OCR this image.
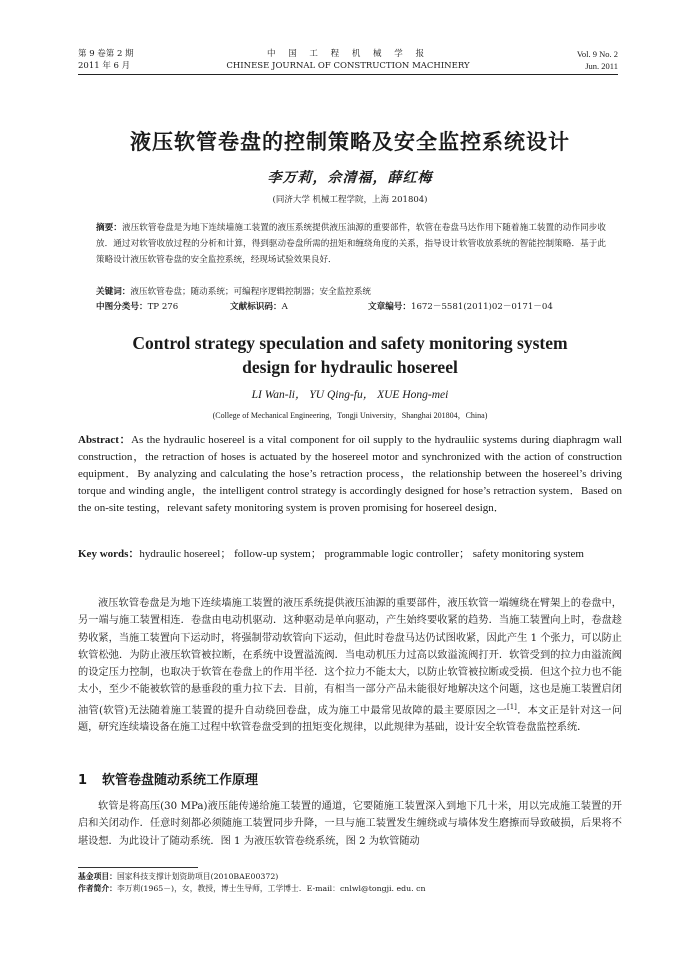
第 9 卷第 2 期
2011 年 6 月
中 国 工 程 机 械 学 报
CHINESE JOURNAL OF CONSTRUCTION MACHINERY
Vol. 9 No. 2
Jun. 2011
液压软管卷盘的控制策略及安全监控系统设计
李万莉，佘清福，薛红梅
(同济大学 机械工程学院，上海 201804)
摘要：液压软管卷盘是为地下连续墙施工装置的液压系统提供液压油源的重要部件，软管在卷盘马达作用下随着施工装置的动作同步收放．通过对软管收放过程的分析和计算，得到驱动卷盘所需的扭矩和缠绕角度的关系，指导设计软管收放系统的智能控制策略．基于此策略设计液压软管卷盘的安全监控系统，经现场试验效果良好．
关键词：液压软管卷盘；随动系统；可编程序逻辑控制器；安全监控系统
中图分类号：TP 276	文献标识码：A	文章编号：1672－5581(2011)02－0171－04
Control strategy speculation and safety monitoring system
design for hydraulic hosereel
LI Wan-li， YU Qing-fu， XUE Hong-mei
(College of Mechanical Engineering，Tongji University，Shanghai 201804，China)
Abstract：As the hydraulic hosereel is a vital component for oil supply to the hydrauliic systems during diaphragm wall construction，the retraction of hoses is actuated by the hosereel motor and synchronized with the action of construction equipment．By analyzing and calculating the hose’s retraction process，the relationship between the hosereel’s driving torque and winding angle，the intelligent control strategy is accordingly designed for hose’s retraction system．Based on the on-site testing，relevant safety monitoring system is proven promising for hosereel design．
Key words：hydraulic hosereel； follow-up system； programmable logic controller； safety monitoring system
液压软管卷盘是为地下连续墙施工装置的液压系统提供液压油源的重要部件，液压软管一端缠绕在臂架上的卷盘中，另一端与施工装置相连．卷盘由电动机驱动．这种驱动是单向驱动，产生始终要收紧的趋势．当施工装置向上时，卷盘趁势收紧，当施工装置向下运动时，将强制带动软管向下运动，但此时卷盘马达仍试图收紧，因此产生 1 个张力，可以防止软管松弛．为防止液压软管被拉断，在系统中设置溢流阀．当电动机压力过高以致溢流阀打开．软管受到的拉力由溢流阀的设定压力控制，也取决于软管在卷盘上的作用半径．这个拉力不能太大，以防止软管被拉断或受损．但这个拉力也不能太小，至少不能被软管的悬垂段的重力拉下去．目前，有相当一部分产品未能很好地解决这个问题，这也是施工装置启闭油管(软管)无法随着施工装置的提升自动绕回卷盘，成为施工中最常见故障的最主要原因之一[1]．本文正是针对这一问题，研究连续墙设备在施工过程中软管卷盘受到的扭矩变化规律，以此规律为基础，设计安全软管卷盘监控系统．
1 软管卷盘随动系统工作原理
软管是将高压(30 MPa)液压能传递给施工装置的通道，它要随施工装置深入到地下几十米，用以完成施工装置的开启和关闭动作．任意时刻都必须随施工装置同步升降，一旦与施工装置发生缠绕或与墙体发生磨擦而导致破损，后果将不堪设想．为此设计了随动系统．图 1 为液压软管卷绕系统，图 2 为软管随动
基金项目：国家科技支撑计划资助项目(2010BAE00372)
作者简介：李万莉(1965－)，女，教授，博士生导师，工学博士．E-mail：cnlwl@tongji. edu. cn
